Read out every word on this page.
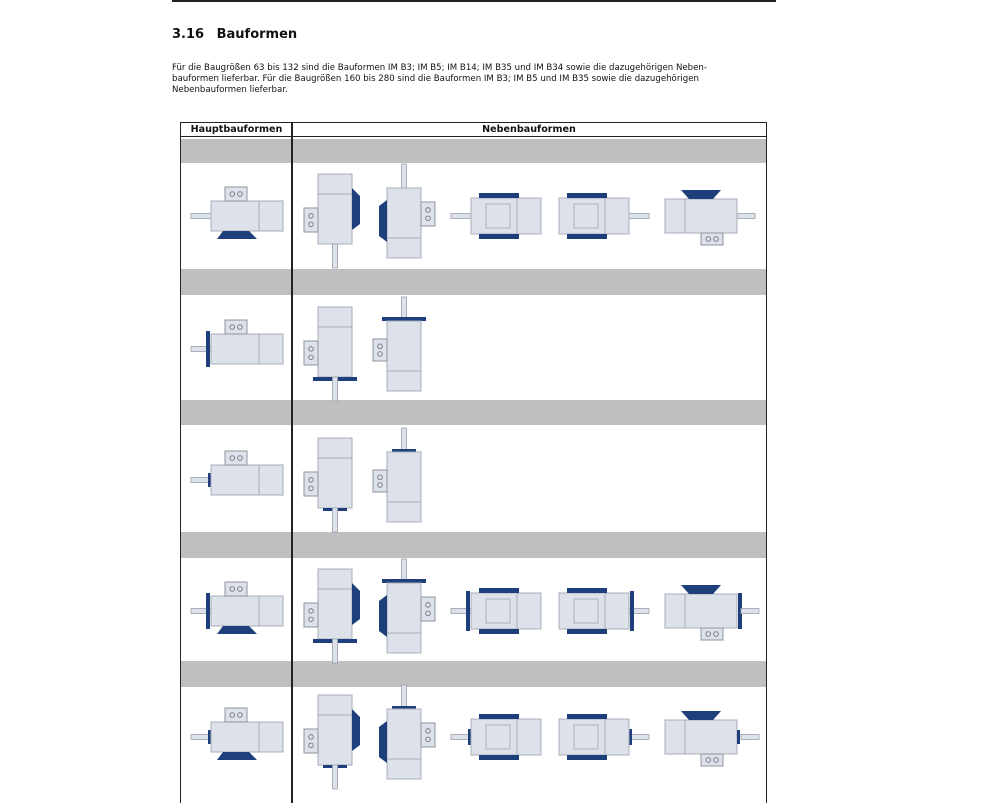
3.16 Bauformen

Für die Baugrößen 63 bis 132 sind die Bauformen IM B3; IM B5; IM B14; IM B35 und IM B34 sowie die dazugehörigen Neben-

bauformen lieferbar. Für die Baugrößen 160 bis 280 sind die Bauformen IM B3; IM B5 und IM B35 sowie die dazugehörigen

Nebenbauformen lieferbar.

Hauptbauformen	Nebenbauformen
